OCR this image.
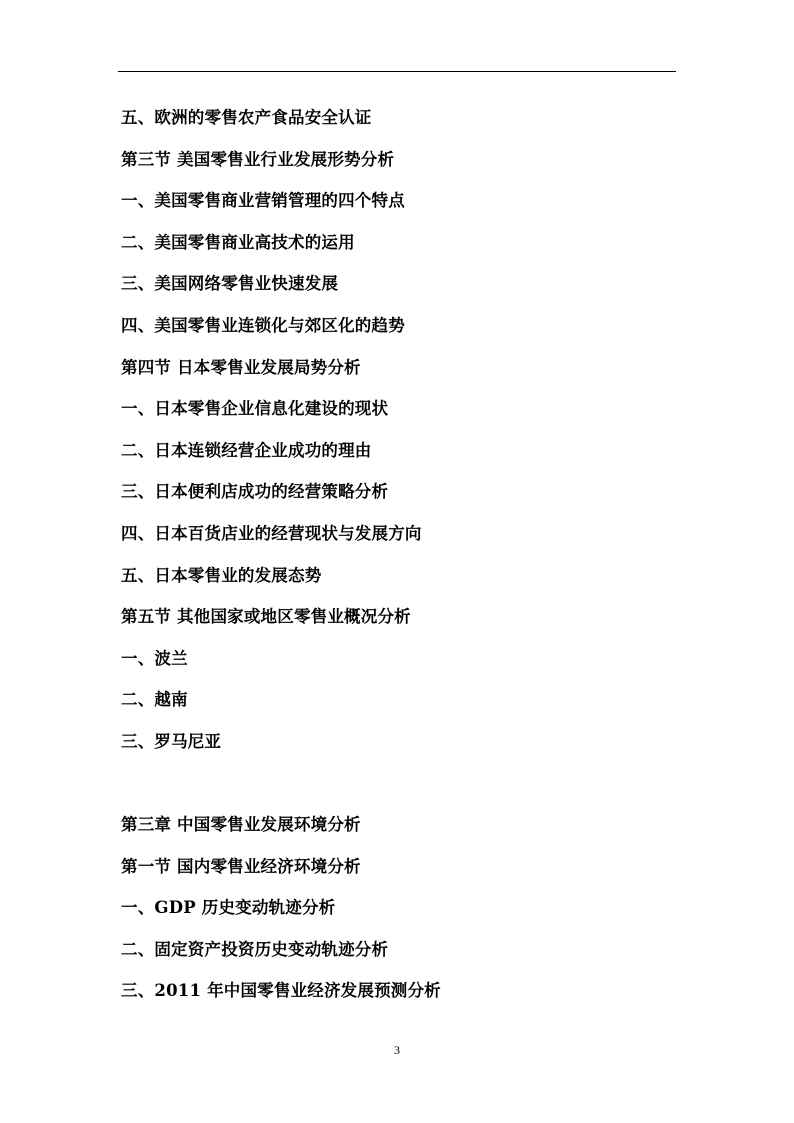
五、欧洲的零售农产食品安全认证
第三节 美国零售业行业发展形势分析
一、美国零售商业营销管理的四个特点
二、美国零售商业高技术的运用
三、美国网络零售业快速发展
四、美国零售业连锁化与郊区化的趋势
第四节 日本零售业发展局势分析
一、日本零售企业信息化建设的现状
二、日本连锁经营企业成功的理由
三、日本便利店成功的经营策略分析
四、日本百货店业的经营现状与发展方向
五、日本零售业的发展态势
第五节 其他国家或地区零售业概况分析
一、波兰
二、越南
三、罗马尼亚
第三章 中国零售业发展环境分析
第一节 国内零售业经济环境分析
一、GDP 历史变动轨迹分析
二、固定资产投资历史变动轨迹分析
三、2011 年中国零售业经济发展预测分析
3
